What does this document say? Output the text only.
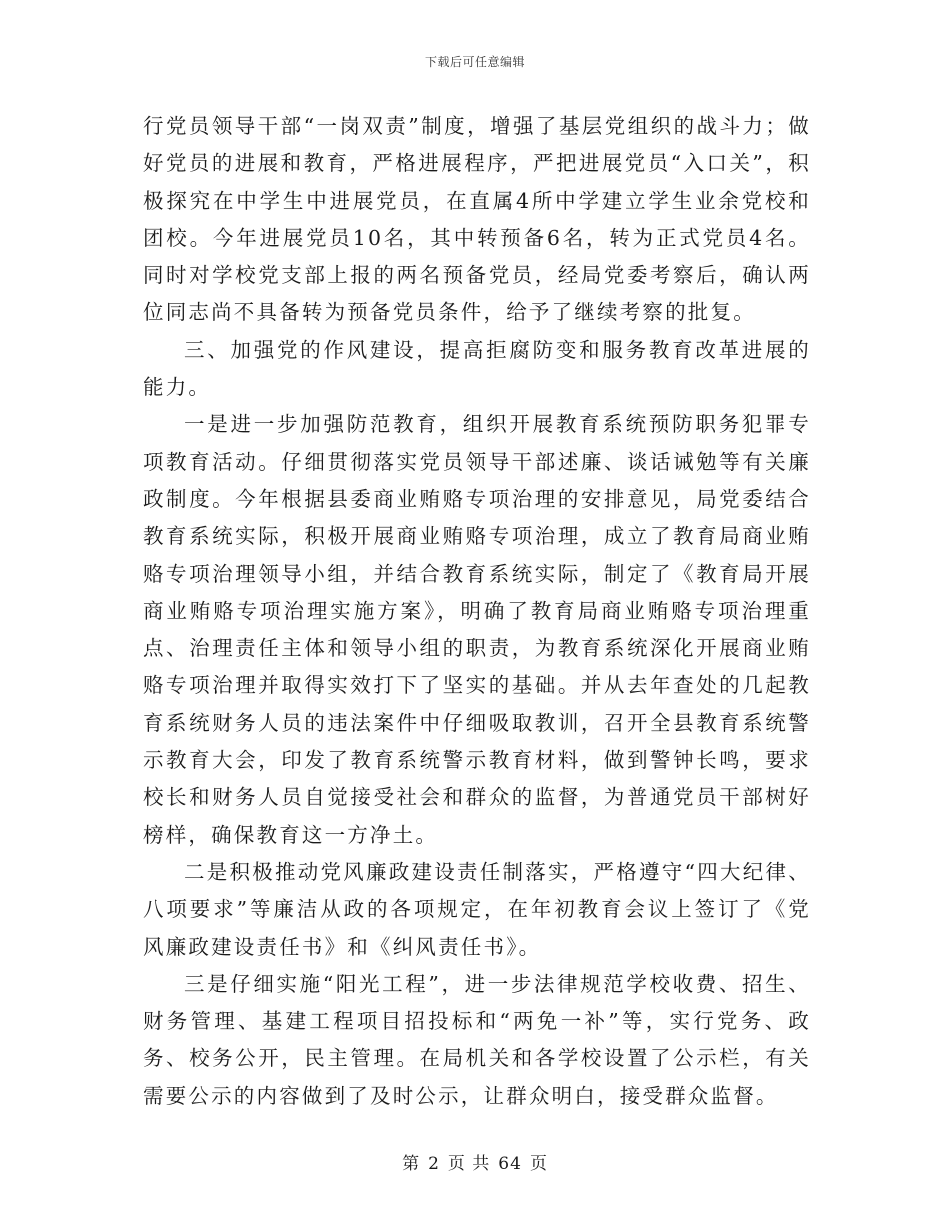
下载后可任意编辑

行党员领导干部“一岗双责”制度，增强了基层党组织的战斗力；做好党员的进展和教育，严格进展程序，严把进展党员“入口关”，积极探究在中学生中进展党员，在直属4所中学建立学生业余党校和团校。今年进展党员10名，其中转预备6名，转为正式党员4名。同时对学校党支部上报的两名预备党员，经局党委考察后，确认两位同志尚不具备转为预备党员条件，给予了继续考察的批复。

三、加强党的作风建设，提高拒腐防变和服务教育改革进展的能力。

一是进一步加强防范教育，组织开展教育系统预防职务犯罪专项教育活动。仔细贯彻落实党员领导干部述廉、谈话诫勉等有关廉政制度。今年根据县委商业贿赂专项治理的安排意见，局党委结合教育系统实际，积极开展商业贿赂专项治理，成立了教育局商业贿赂专项治理领导小组，并结合教育系统实际，制定了《教育局开展商业贿赂专项治理实施方案》，明确了教育局商业贿赂专项治理重点、治理责任主体和领导小组的职责，为教育系统深化开展商业贿赂专项治理并取得实效打下了坚实的基础。并从去年查处的几起教育系统财务人员的违法案件中仔细吸取教训，召开全县教育系统警示教育大会，印发了教育系统警示教育材料，做到警钟长鸣，要求校长和财务人员自觉接受社会和群众的监督，为普通党员干部树好榜样，确保教育这一方净土。

二是积极推动党风廉政建设责任制落实，严格遵守“四大纪律、八项要求”等廉洁从政的各项规定，在年初教育会议上签订了《党风廉政建设责任书》和《纠风责任书》。

三是仔细实施“阳光工程”，进一步法律规范学校收费、招生、财务管理、基建工程项目招投标和“两免一补”等，实行党务、政务、校务公开，民主管理。在局机关和各学校设置了公示栏，有关需要公示的内容做到了及时公示，让群众明白，接受群众监督。

第 2 页 共 64 页
